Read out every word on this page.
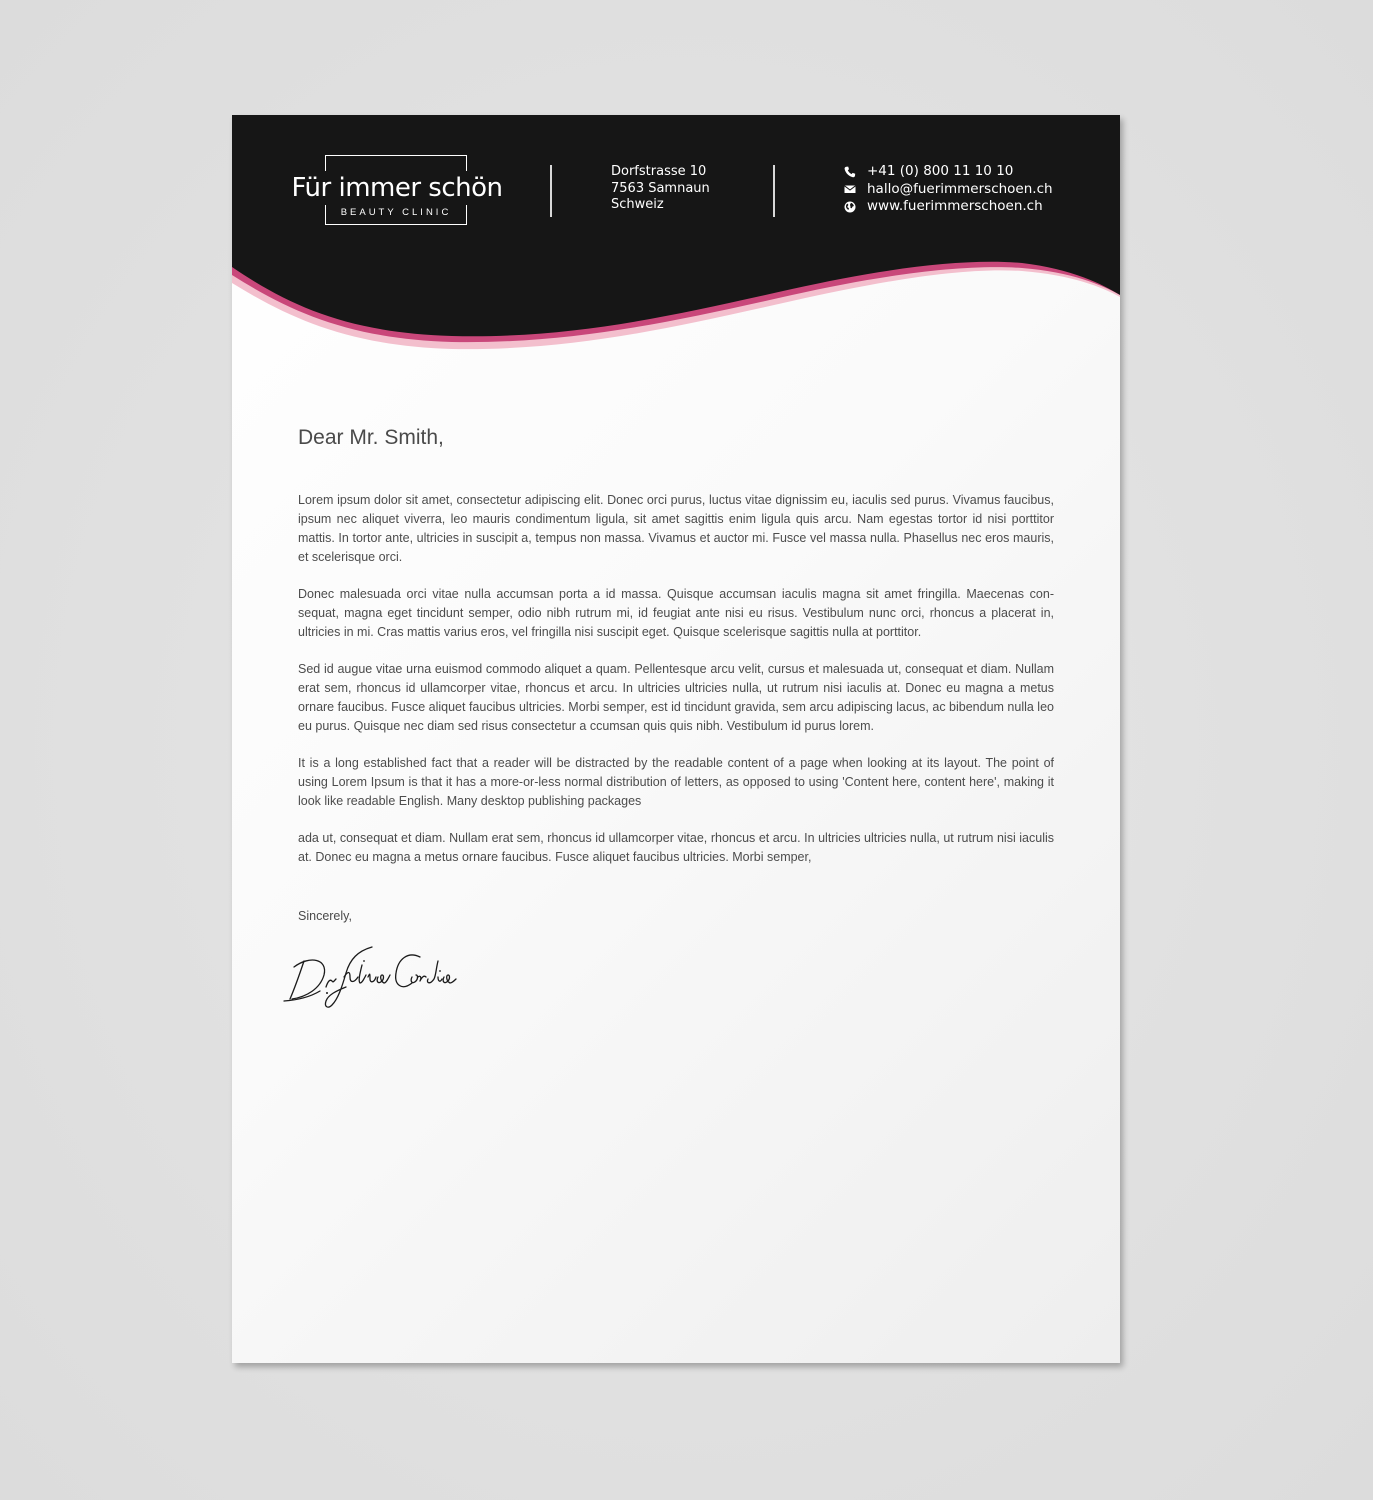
Für immer schön
BEAUTY CLINIC
Dorfstrasse 10
7563 Samnaun
Schweiz
+41 (0) 800 11 10 10
hallo@fuerimmerschoen.ch
www.fuerimmerschoen.ch
Dear Mr. Smith,

Lorem ipsum dolor sit amet, consectetur adipiscing elit. Donec orci purus, luctus vitae dignissim eu, iaculis sed purus. Vivamus faucibus, ipsum nec aliquet viverra, leo mauris condimentum ligula, sit amet sagittis enim ligula quis arcu. Nam egestas tortor id nisi porttitor mattis. In tortor ante, ultricies in suscipit a, tempus non massa. Vivamus et auctor mi. Fusce vel massa nulla. Phasellus nec eros mauris, et scelerisque orci.

Donec malesuada orci vitae nulla accumsan porta a id massa. Quisque accumsan iaculis magna sit amet fringilla. Maecenas con-sequat, magna eget tincidunt semper, odio nibh rutrum mi, id feugiat ante nisi eu risus. Vestibulum nunc orci, rhoncus a placerat in, ultricies in mi. Cras mattis varius eros, vel fringilla nisi suscipit eget. Quisque scelerisque sagittis nulla at porttitor.

Sed id augue vitae urna euismod commodo aliquet a quam. Pellentesque arcu velit, cursus et malesuada ut, consequat et diam. Nullam erat sem, rhoncus id ullamcorper vitae, rhoncus et arcu. In ultricies ultricies nulla, ut rutrum nisi iaculis at. Donec eu magna a metus ornare faucibus. Fusce aliquet faucibus ultricies. Morbi semper, est id tincidunt gravida, sem arcu adipiscing lacus, ac bibendum nulla leo eu purus. Quisque nec diam sed risus consectetur a ccumsan quis quis nibh. Vestibulum id purus lorem.

It is a long established fact that a reader will be distracted by the readable content of a page when looking at its layout. The point of using Lorem Ipsum is that it has a more-or-less normal distribution of letters, as opposed to using 'Content here, content here', making it look like readable English. Many desktop publishing packages

ada ut, consequat et diam. Nullam erat sem, rhoncus id ullamcorper vitae, rhoncus et arcu. In ultricies ultricies nulla, ut rutrum nisi iaculis at. Donec eu magna a metus ornare faucibus. Fusce aliquet faucibus ultricies. Morbi semper,

Sincerely,
